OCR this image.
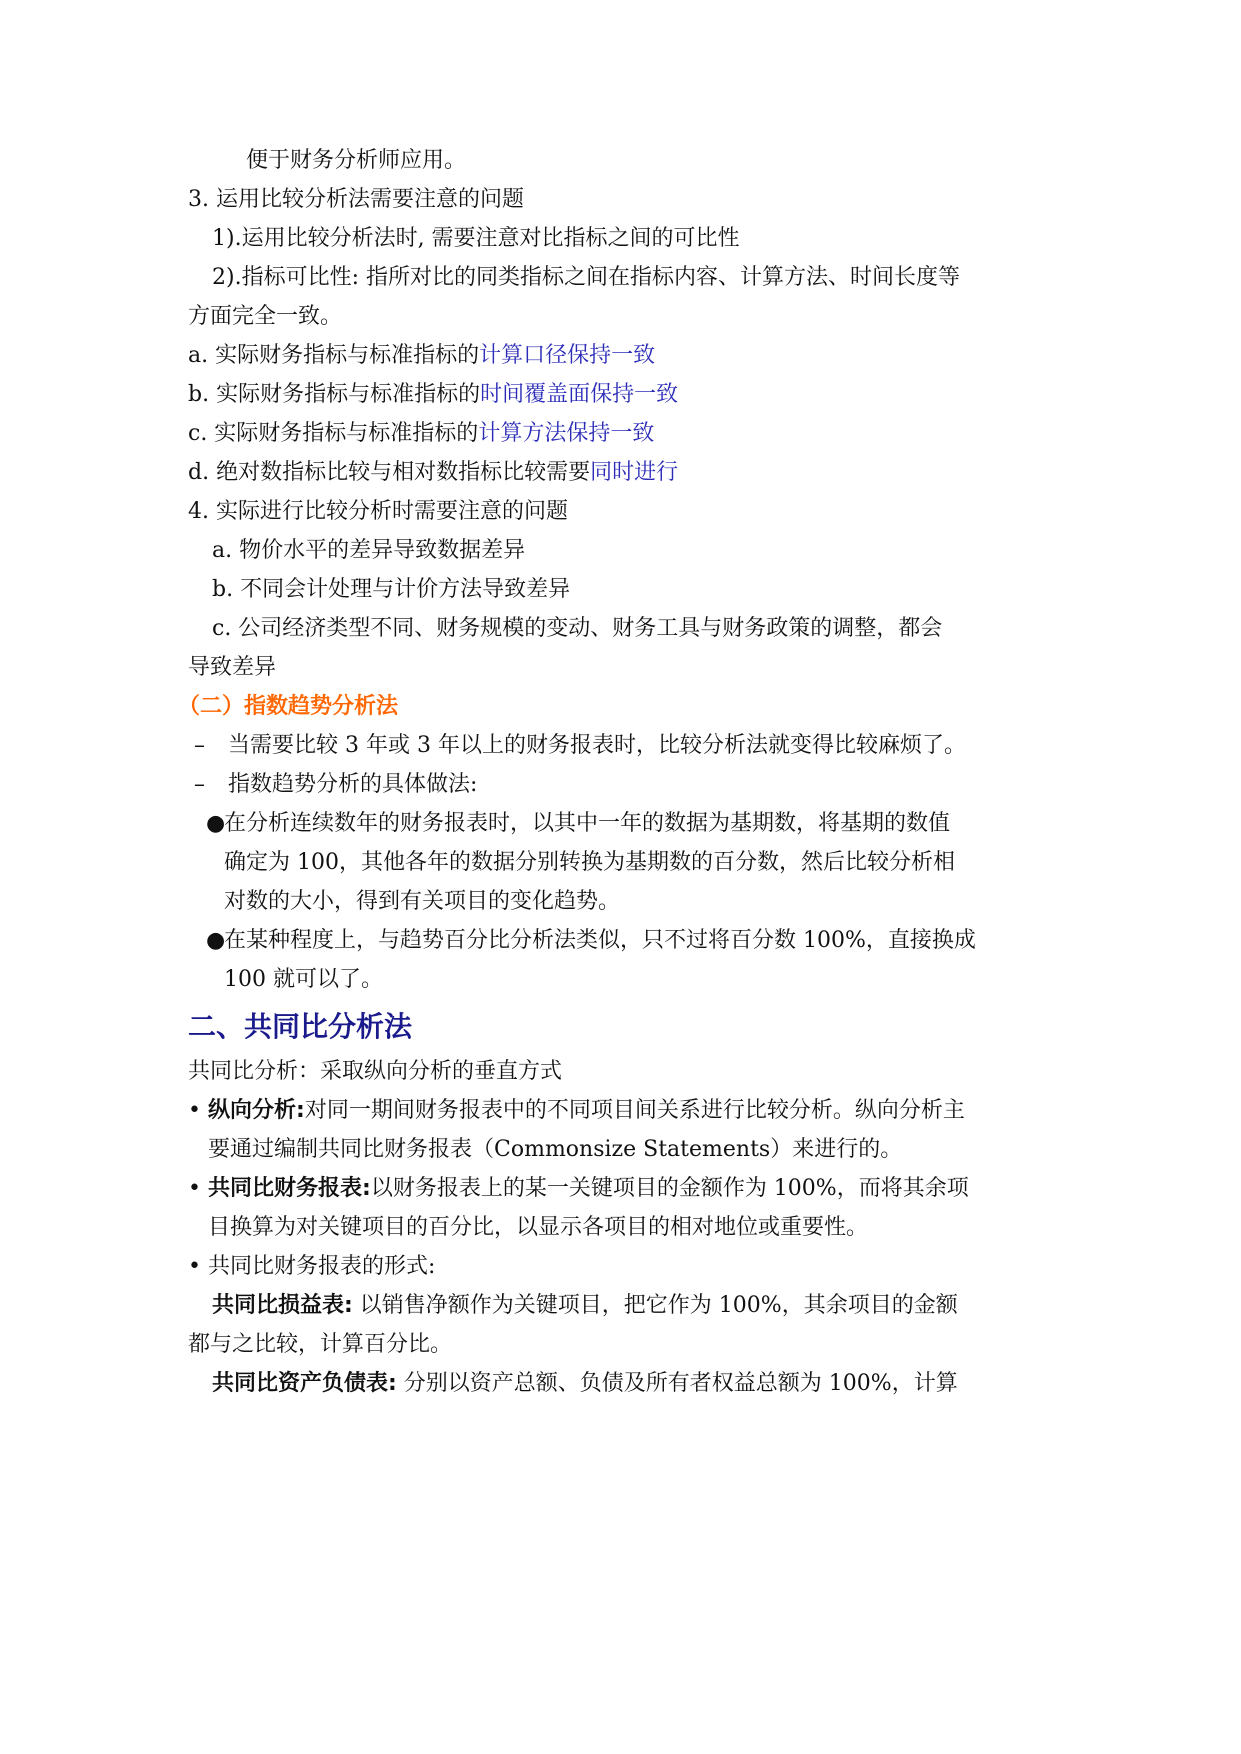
便于财务分析师应用。
3. 运用比较分析法需要注意的问题
1).运用比较分析法时, 需要注意对比指标之间的可比性
2).指标可比性: 指所对比的同类指标之间在指标内容、计算方法、时间长度等
方面完全一致。
a. 实际财务指标与标准指标的计算口径保持一致
b. 实际财务指标与标准指标的时间覆盖面保持一致
c. 实际财务指标与标准指标的计算方法保持一致
d. 绝对数指标比较与相对数指标比较需要同时进行
4. 实际进行比较分析时需要注意的问题
a. 物价水平的差异导致数据差异
b. 不同会计处理与计价方法导致差异
c. 公司经济类型不同、财务规模的变动、财务工具与财务政策的调整，都会
导致差异
（二）指数趋势分析法
– 当需要比较 3 年或 3 年以上的财务报表时，比较分析法就变得比较麻烦了。
– 指数趋势分析的具体做法:
●在分析连续数年的财务报表时，以其中一年的数据为基期数，将基期的数值
确定为 100，其他各年的数据分别转换为基期数的百分数，然后比较分析相
对数的大小，得到有关项目的变化趋势。
●在某种程度上，与趋势百分比分析法类似，只不过将百分数 100%，直接换成
100 就可以了。
二、共同比分析法
共同比分析：采取纵向分析的垂直方式
• 纵向分析:对同一期间财务报表中的不同项目间关系进行比较分析。纵向分析主
要通过编制共同比财务报表（Commonsize Statements）来进行的。
• 共同比财务报表:以财务报表上的某一关键项目的金额作为 100%，而将其余项
目换算为对关键项目的百分比，以显示各项目的相对地位或重要性。
• 共同比财务报表的形式:
共同比损益表: 以销售净额作为关键项目，把它作为 100%，其余项目的金额
都与之比较，计算百分比。
共同比资产负债表: 分别以资产总额、负债及所有者权益总额为 100%，计算
